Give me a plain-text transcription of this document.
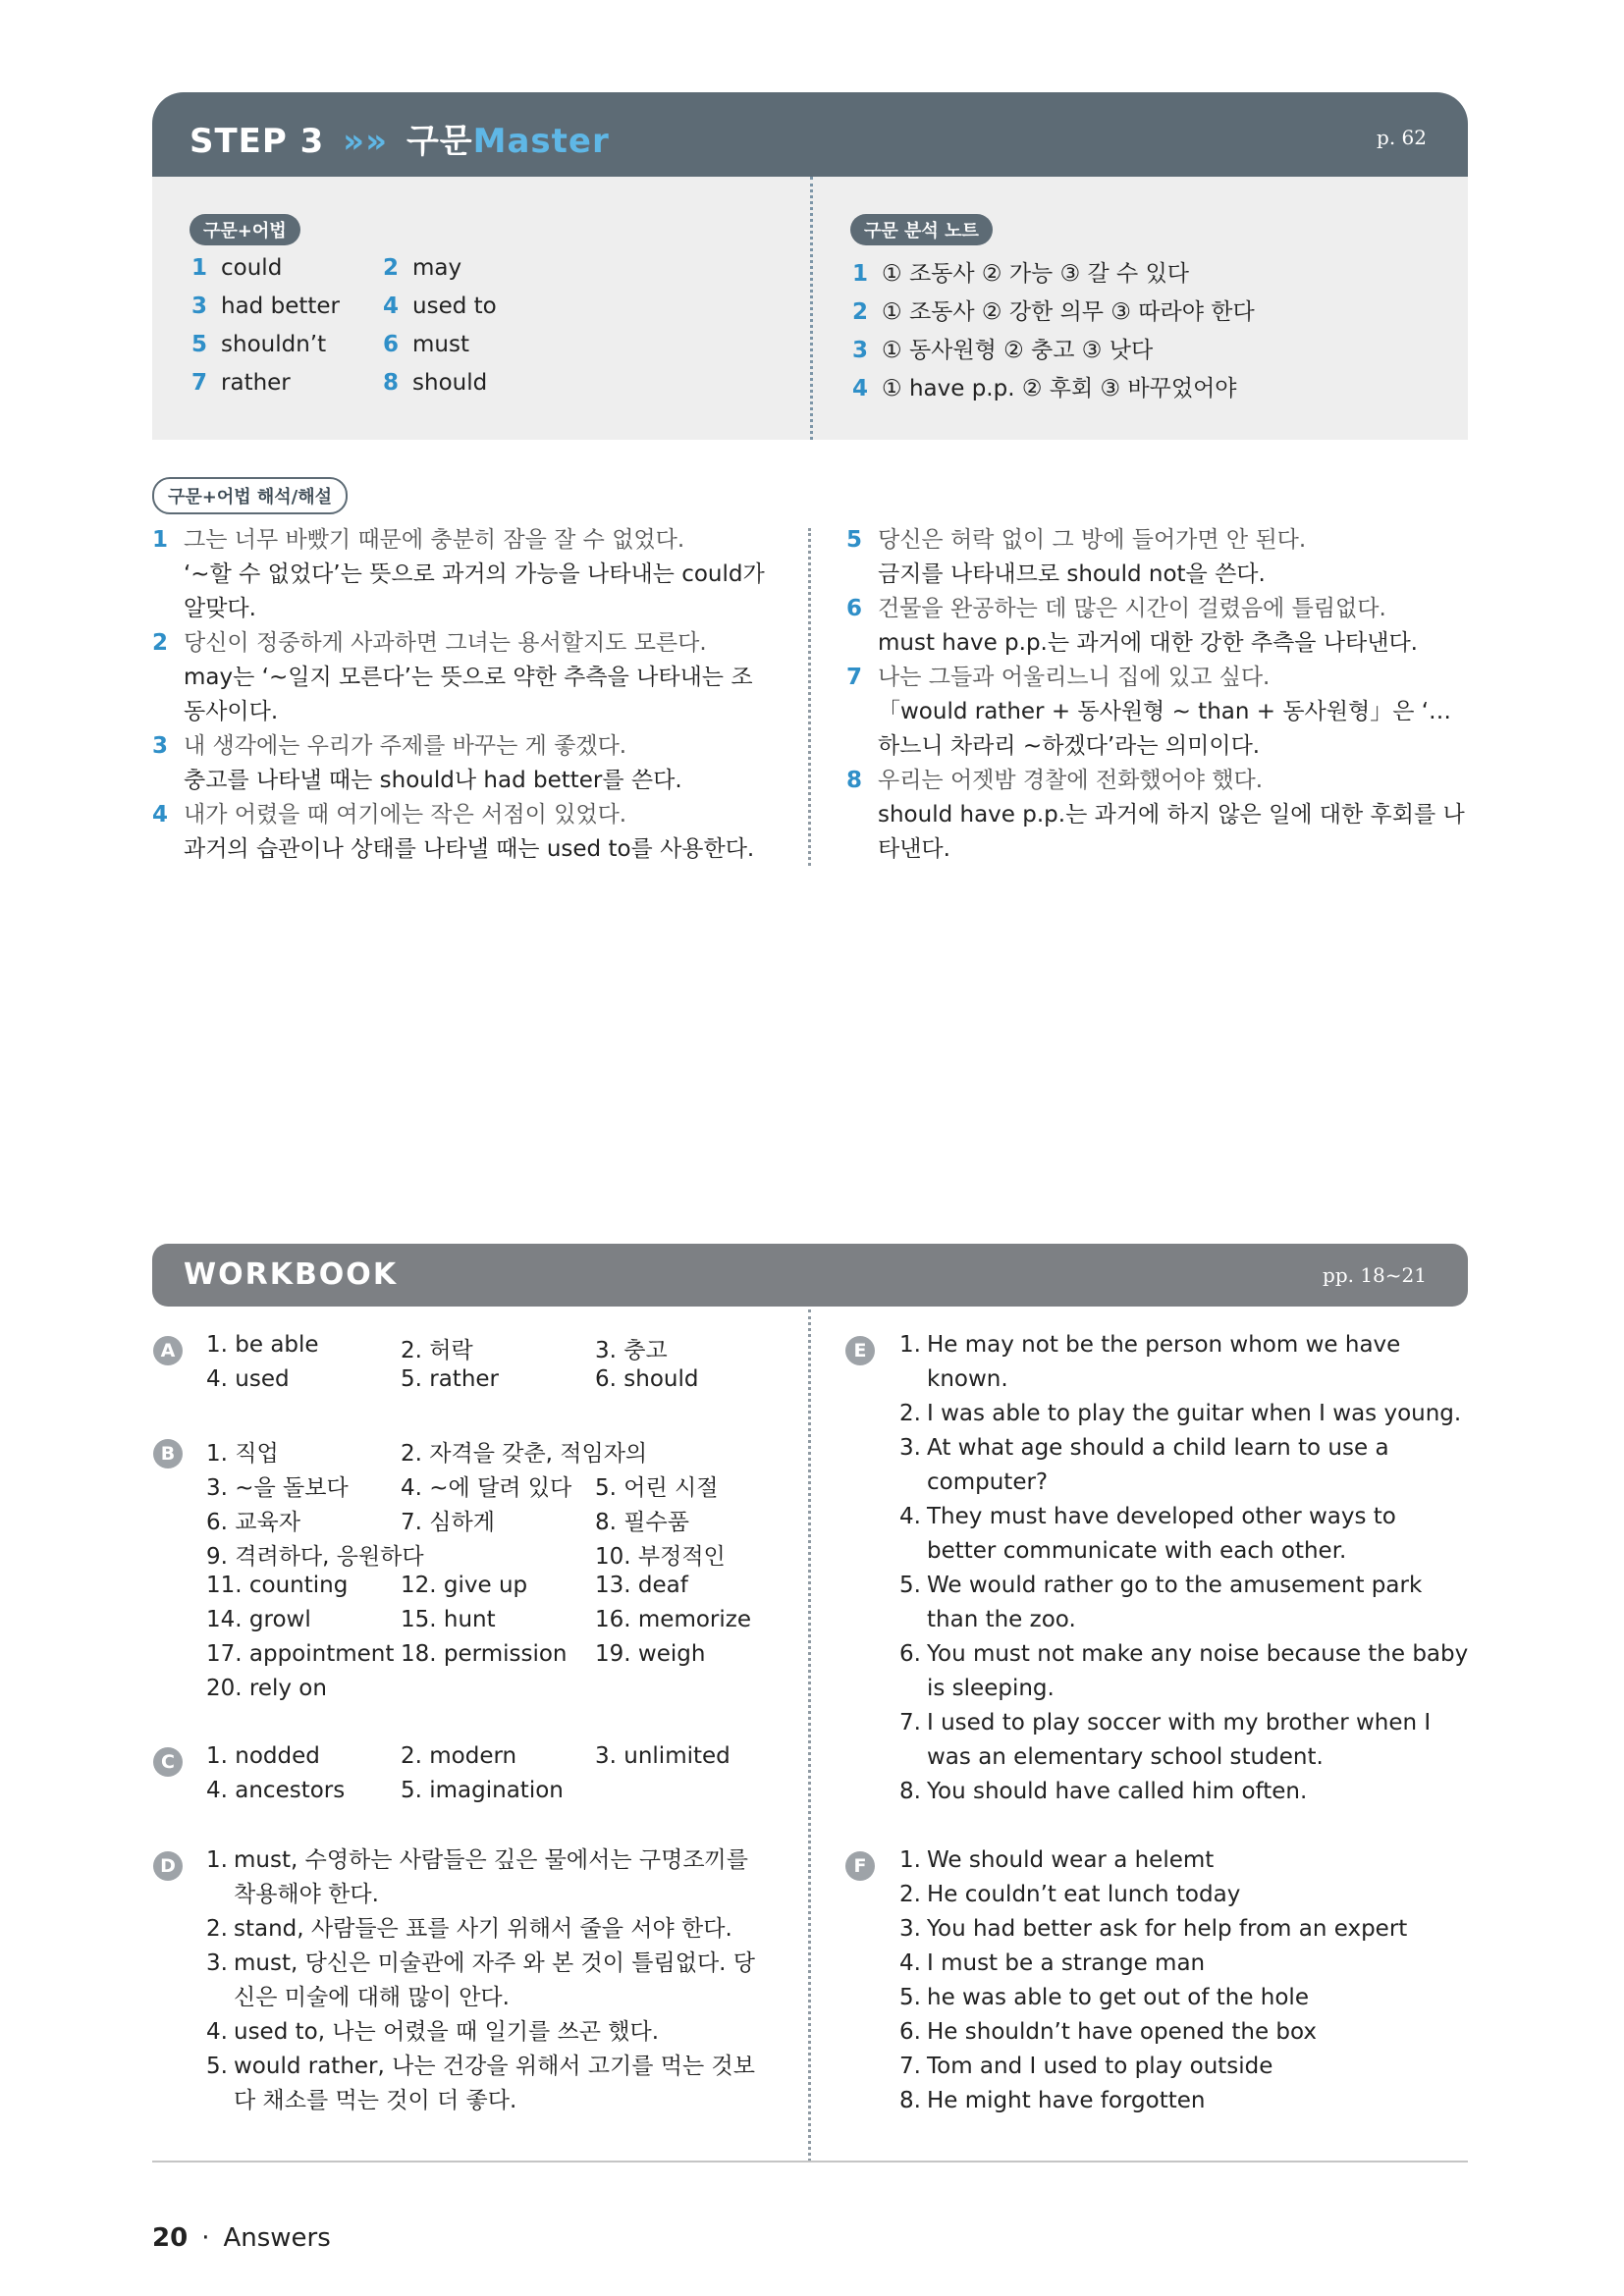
STEP 3 »» 구문Master	p. 62
구문+어법
1 could	2 may
3 had better 4 used to
5 shouldn’t	6 must
7 rather	8 should
구문 분석 노트
1 ① 조동사 ② 가능 ③ 갈 수 있다
2 ① 조동사 ② 강한 의무 ③ 따라야 한다
3 ① 동사원형 ② 충고 ③ 낫다
4 ① have p.p. ② 후회 ③ 바꾸었어야
구문+어법 해석/해설
1 그는 너무 바빴기 때문에 충분히 잠을 잘 수 없었다.
‘~할 수 없었다’는 뜻으로 과거의 가능을 나타내는 could가 알맞다.
2 당신이 정중하게 사과하면 그녀는 용서할지도 모른다.
may는 ‘~일지 모른다’는 뜻으로 약한 추측을 나타내는 조동사이다.
3 내 생각에는 우리가 주제를 바꾸는 게 좋겠다.
충고를 나타낼 때는 should나 had better를 쓴다.
4 내가 어렸을 때 여기에는 작은 서점이 있었다.
과거의 습관이나 상태를 나타낼 때는 used to를 사용한다.
5 당신은 허락 없이 그 방에 들어가면 안 된다.
금지를 나타내므로 should not을 쓴다.
6 건물을 완공하는 데 많은 시간이 걸렸음에 틀림없다.
must have p.p.는 과거에 대한 강한 추측을 나타낸다.
7 나는 그들과 어울리느니 집에 있고 싶다.
「would rather + 동사원형 ~ than + 동사원형」은 ‘…하느니 차라리 ~하겠다’라는 의미이다.
8 우리는 어젯밤 경찰에 전화했어야 했다.
should have p.p.는 과거에 하지 않은 일에 대한 후회를 나타낸다.
WORKBOOK	pp. 18~21
A
B
C
D
E
F
1. be able	2. 허락	3. 충고
4. used	5. rather	6. should
1. 직업	2. 자격을 갖춘, 적임자의
3. ~을 돌보다 4. ~에 달려 있다 5. 어린 시절
6. 교육자	7. 심하게	8. 필수품
9. 격려하다, 응원하다	10. 부정적인
11. counting 12. give up	13. deaf
14. growl	15. hunt	16. memorize
17. appointment 18. permission 19. weigh
20. rely on
1. nodded	2. modern	3. unlimited
4. ancestors 5. imagination
1. must, 수영하는 사람들은 깊은 물에서는 구명조끼를 착용해야 한다.
2. stand, 사람들은 표를 사기 위해서 줄을 서야 한다.
3. must, 당신은 미술관에 자주 와 본 것이 틀림없다. 당신은 미술에 대해 많이 안다.
4. used to, 나는 어렸을 때 일기를 쓰곤 했다.
5. would rather, 나는 건강을 위해서 고기를 먹는 것보다 채소를 먹는 것이 더 좋다.
1. He may not be the person whom we have known.
2. I was able to play the guitar when I was young.
3. At what age should a child learn to use a computer?
4. They must have developed other ways to better communicate with each other.
5. We would rather go to the amusement park than the zoo.
6. You must not make any noise because the baby is sleeping.
7. I used to play soccer with my brother when I was an elementary school student.
8. You should have called him often.
1. We should wear a helemt
2. He couldn’t eat lunch today
3. You had better ask for help from an expert
4. I must be a strange man
5. he was able to get out of the hole
6. He shouldn’t have opened the box
7. Tom and I used to play outside
8. He might have forgotten
20 · Answers
